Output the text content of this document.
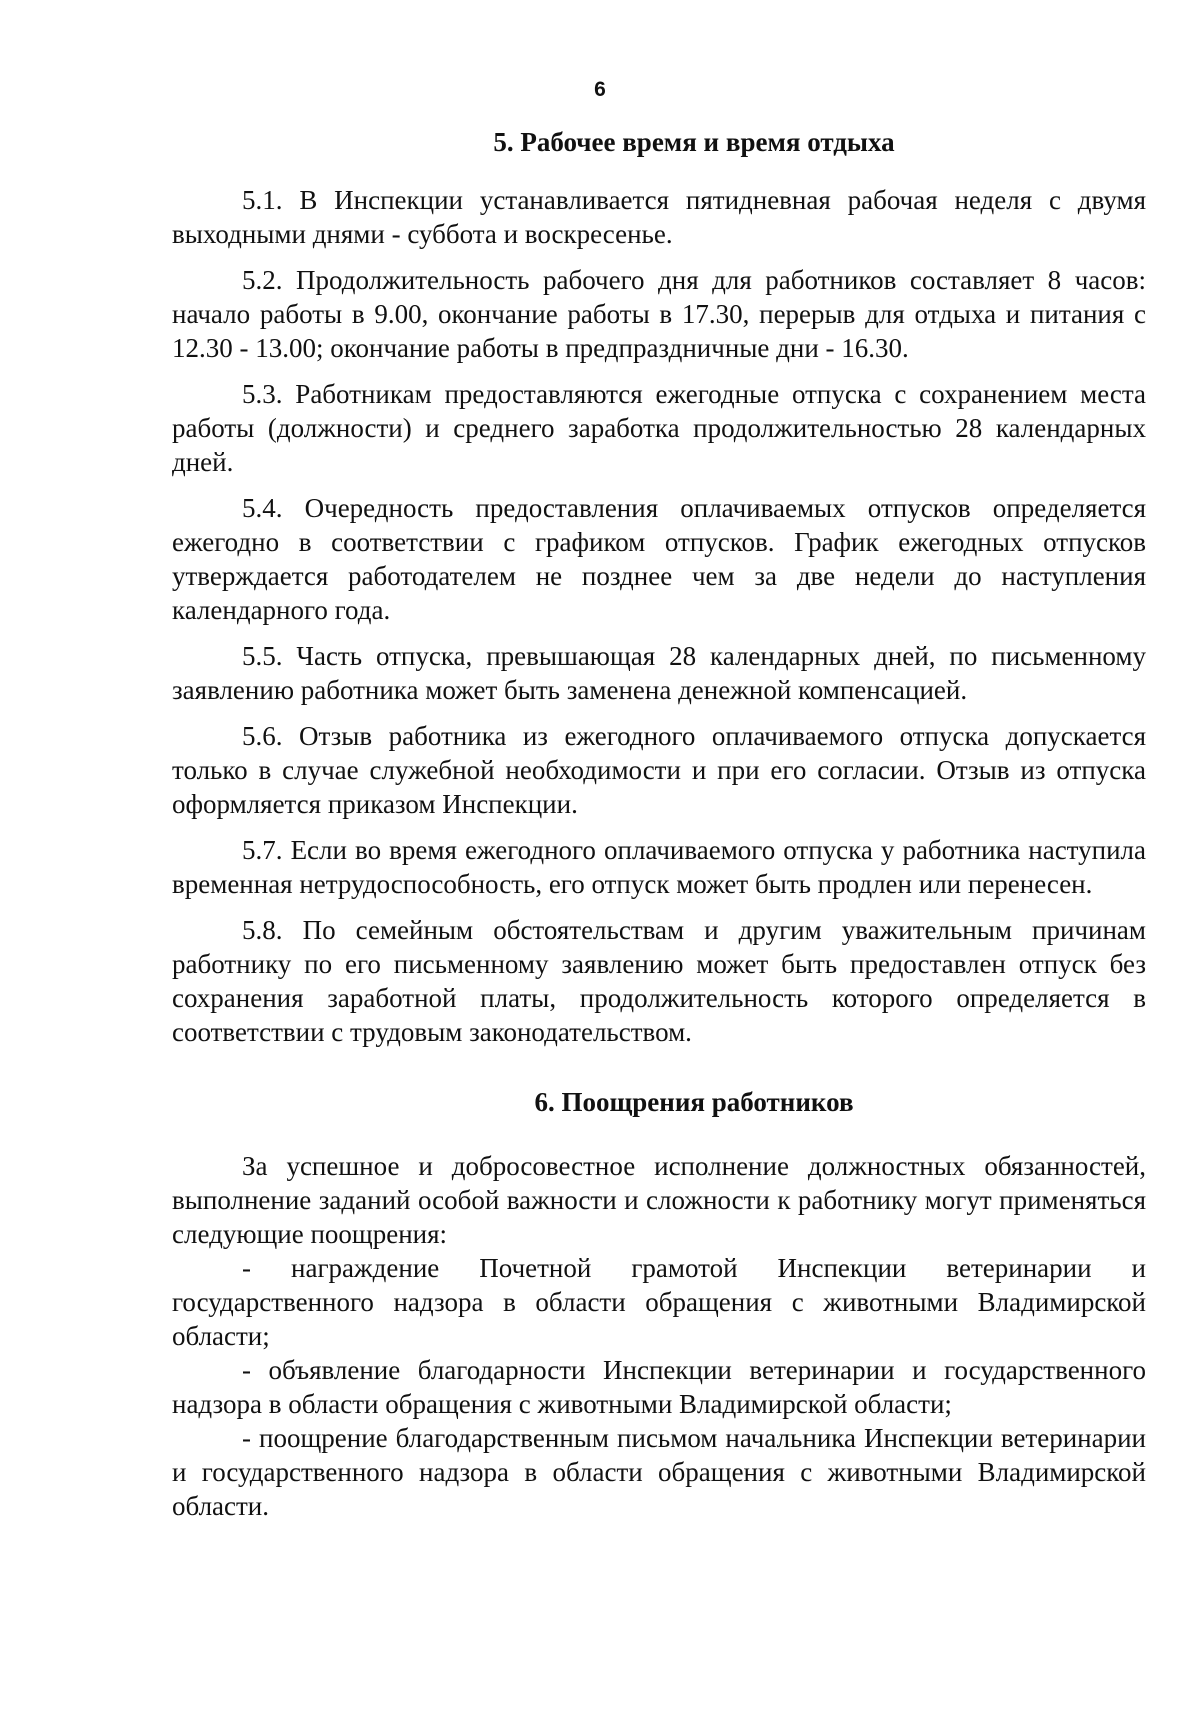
6

5. Рабочее время и время отдыха

5.1. В Инспекции устанавливается пятидневная рабочая неделя с двумя выходными днями - суббота и воскресенье.

5.2. Продолжительность рабочего дня для работников составляет 8 часов: начало работы в 9.00, окончание работы в 17.30, перерыв для отдыха и питания с 12.30 - 13.00; окончание работы в предпраздничные дни - 16.30.

5.3. Работникам предоставляются ежегодные отпуска с сохранением места работы (должности) и среднего заработка продолжительностью 28 календарных дней.

5.4. Очередность предоставления оплачиваемых отпусков определяется ежегодно в соответствии с графиком отпусков. График ежегодных отпусков утверждается работодателем не позднее чем за две недели до наступления календарного года.

5.5. Часть отпуска, превышающая 28 календарных дней, по письменному заявлению работника может быть заменена денежной компенсацией.

5.6. Отзыв работника из ежегодного оплачиваемого отпуска допускается только в случае служебной необходимости и при его согласии. Отзыв из отпуска оформляется приказом Инспекции.

5.7. Если во время ежегодного оплачиваемого отпуска у работника наступила временная нетрудоспособность, его отпуск может быть продлен или перенесен.

5.8. По семейным обстоятельствам и другим уважительным причинам работнику по его письменному заявлению может быть предоставлен отпуск без сохранения заработной платы, продолжительность которого определяется в соответствии с трудовым законодательством.

6. Поощрения работников

За успешное и добросовестное исполнение должностных обязанностей, выполнение заданий особой важности и сложности к работнику могут применяться следующие поощрения:

- награждение Почетной грамотой Инспекции ветеринарии и государственного надзора в области обращения с животными Владимирской области;

- объявление благодарности Инспекции ветеринарии и государственного надзора в области обращения с животными Владимирской области;

- поощрение благодарственным письмом начальника Инспекции ветеринарии и государственного надзора в области обращения с животными Владимирской области.
